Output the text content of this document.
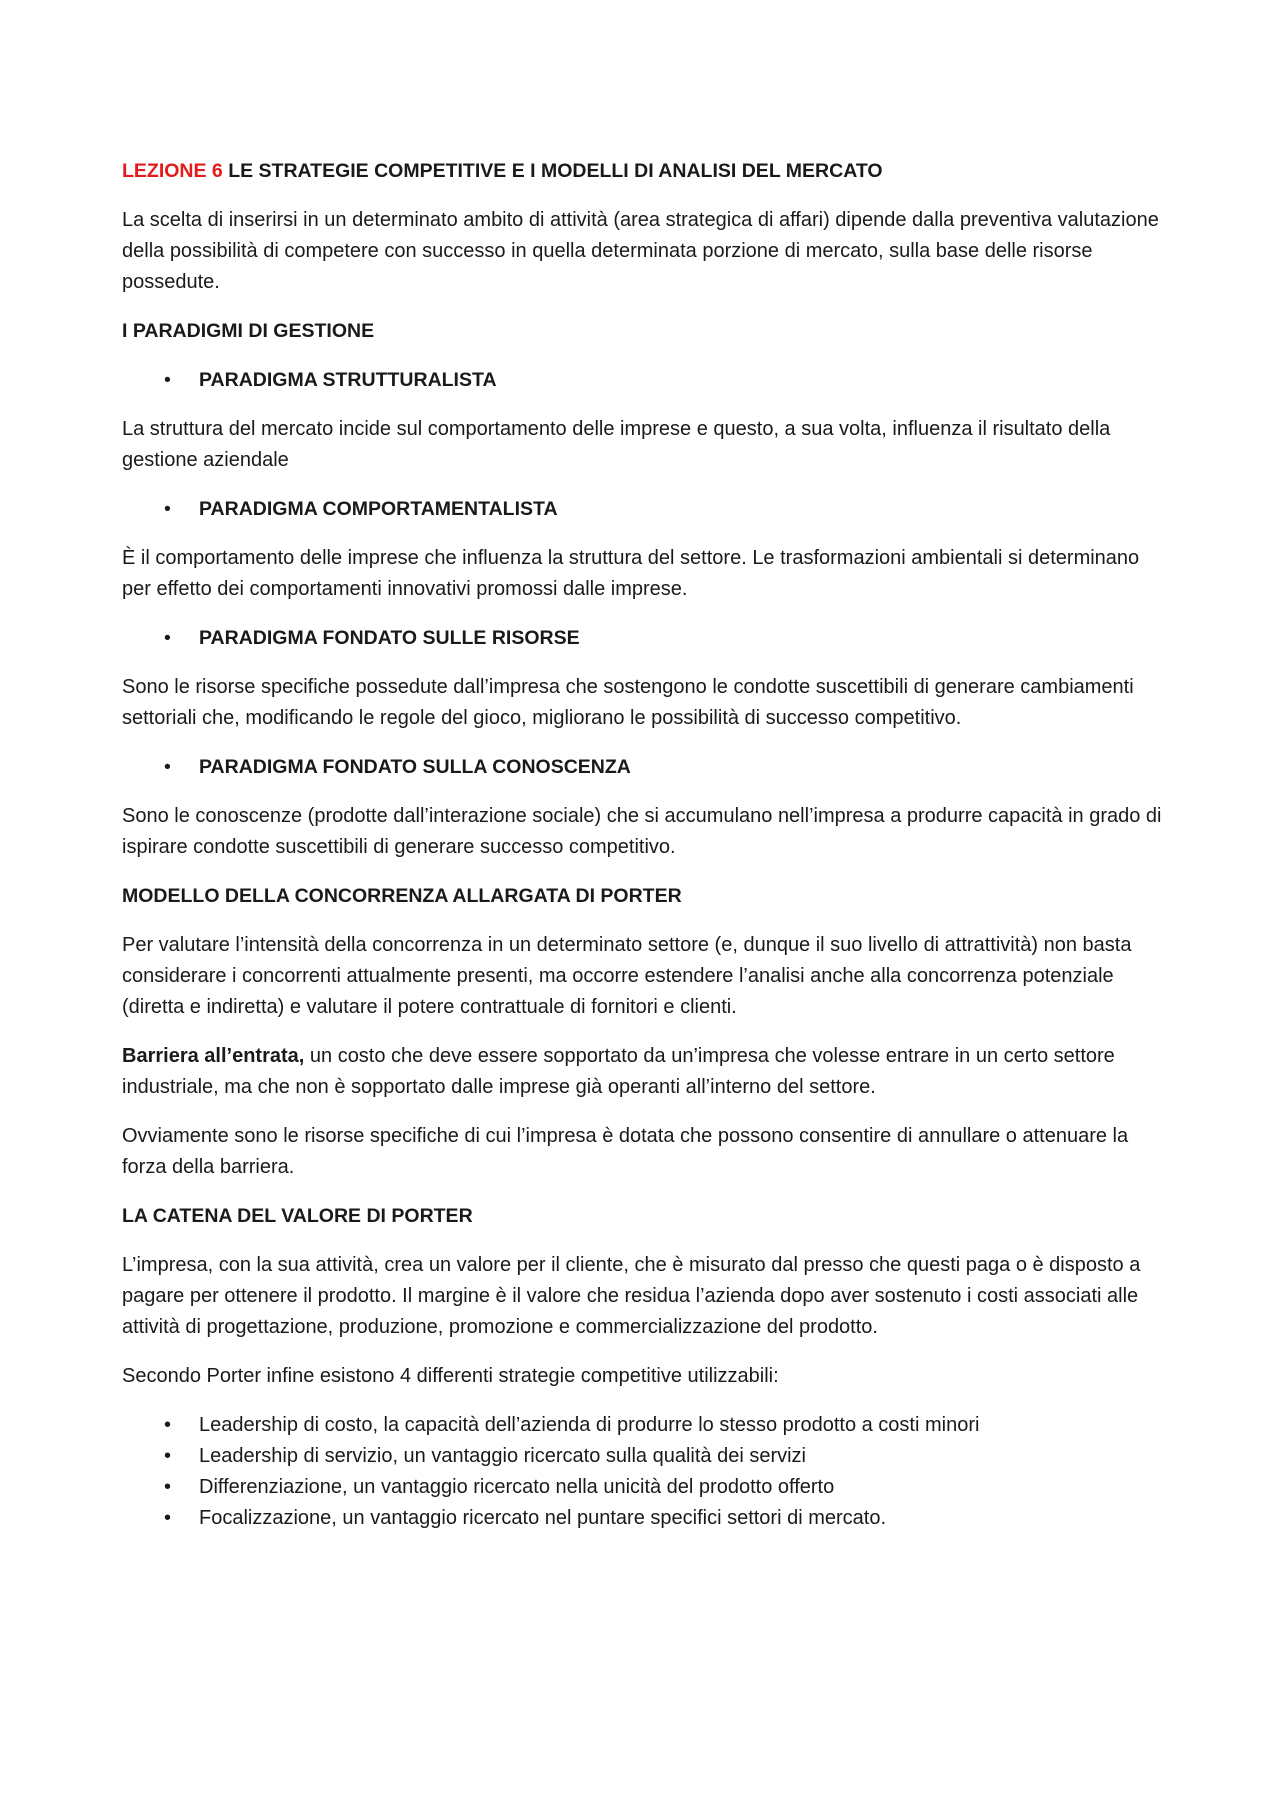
LEZIONE 6 LE STRATEGIE COMPETITIVE E I MODELLI DI ANALISI DEL MERCATO

La scelta di inserirsi in un determinato ambito di attività (area strategica di affari) dipende dalla preventiva valutazione della possibilità di competere con successo in quella determinata porzione di mercato, sulla base delle risorse possedute.

I PARADIGMI DI GESTIONE
• PARADIGMA STRUTTURALISTA

La struttura del mercato incide sul comportamento delle imprese e questo, a sua volta, influenza il risultato della gestione aziendale

• PARADIGMA COMPORTAMENTALISTA

È il comportamento delle imprese che influenza la struttura del settore. Le trasformazioni ambientali si determinano per effetto dei comportamenti innovativi promossi dalle imprese.

• PARADIGMA FONDATO SULLE RISORSE

Sono le risorse specifiche possedute dall’impresa che sostengono le condotte suscettibili di generare cambiamenti settoriali che, modificando le regole del gioco, migliorano le possibilità di successo competitivo.

• PARADIGMA FONDATO SULLA CONOSCENZA

Sono le conoscenze (prodotte dall’interazione sociale) che si accumulano nell’impresa a produrre capacità in grado di ispirare condotte suscettibili di generare successo competitivo.

MODELLO DELLA CONCORRENZA ALLARGATA DI PORTER

Per valutare l’intensità della concorrenza in un determinato settore (e, dunque il suo livello di attrattività) non basta considerare i concorrenti attualmente presenti, ma occorre estendere l’analisi anche alla concorrenza potenziale (diretta e indiretta) e valutare il potere contrattuale di fornitori e clienti.

Barriera all’entrata, un costo che deve essere sopportato da un’impresa che volesse entrare in un certo settore industriale, ma che non è sopportato dalle imprese già operanti all’interno del settore.

Ovviamente sono le risorse specifiche di cui l’impresa è dotata che possono consentire di annullare o attenuare la forza della barriera.

LA CATENA DEL VALORE DI PORTER

L’impresa, con la sua attività, crea un valore per il cliente, che è misurato dal presso che questi paga o è disposto a pagare per ottenere il prodotto. Il margine è il valore che residua l’azienda dopo aver sostenuto i costi associati alle attività di progettazione, produzione, promozione e commercializzazione del prodotto.

Secondo Porter infine esistono 4 differenti strategie competitive utilizzabili:

• Leadership di costo, la capacità dell’azienda di produrre lo stesso prodotto a costi minori
• Leadership di servizio, un vantaggio ricercato sulla qualità dei servizi
• Differenziazione, un vantaggio ricercato nella unicità del prodotto offerto
• Focalizzazione, un vantaggio ricercato nel puntare specifici settori di mercato.
